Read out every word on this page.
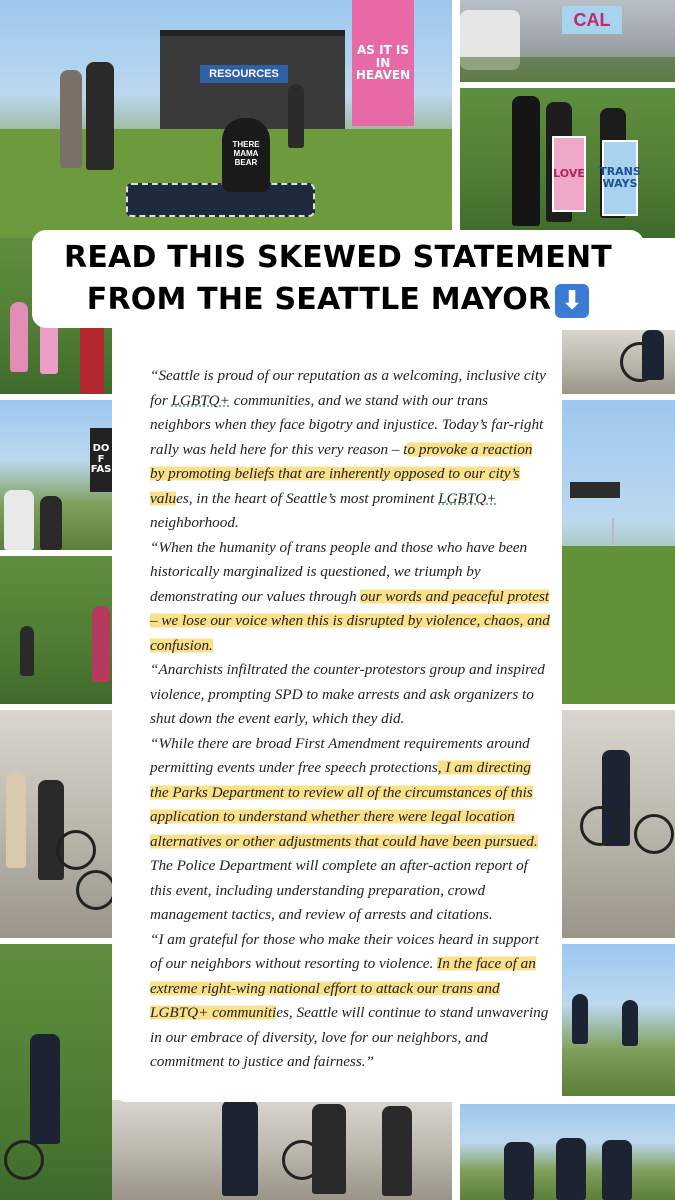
RESOURCES
AS IT IS IN HEAVEN
THERE MAMA BEAR
CAL
LOVE TRANS WAYS
DO F FAS
READ THIS SKEWED STATEMENT
FROM THE SEATTLE MAYOR ⬇

“Seattle is proud of our reputation as a welcoming, inclusive city for LGBTQ+ communities, and we stand with our trans neighbors when they face bigotry and injustice. Today’s far-right rally was held here for this very reason – to provoke a reaction by promoting beliefs that are inherently opposed to our city’s values, in the heart of Seattle’s most prominent LGBTQ+ neighborhood.

“When the humanity of trans people and those who have been historically marginalized is questioned, we triumph by demonstrating our values through our words and peaceful protest – we lose our voice when this is disrupted by violence, chaos, and confusion.

“Anarchists infiltrated the counter-protestors group and inspired violence, prompting SPD to make arrests and ask organizers to shut down the event early, which they did.

“While there are broad First Amendment requirements around permitting events under free speech protections, I am directing the Parks Department to review all of the circumstances of this application to understand whether there were legal location alternatives or other adjustments that could have been pursued. The Police Department will complete an after-action report of this event, including understanding preparation, crowd management tactics, and review of arrests and citations.

“I am grateful for those who make their voices heard in support of our neighbors without resorting to violence. In the face of an extreme right-wing national effort to attack our trans and LGBTQ+ communities, Seattle will continue to stand unwavering in our embrace of diversity, love for our neighbors, and commitment to justice and fairness.”
